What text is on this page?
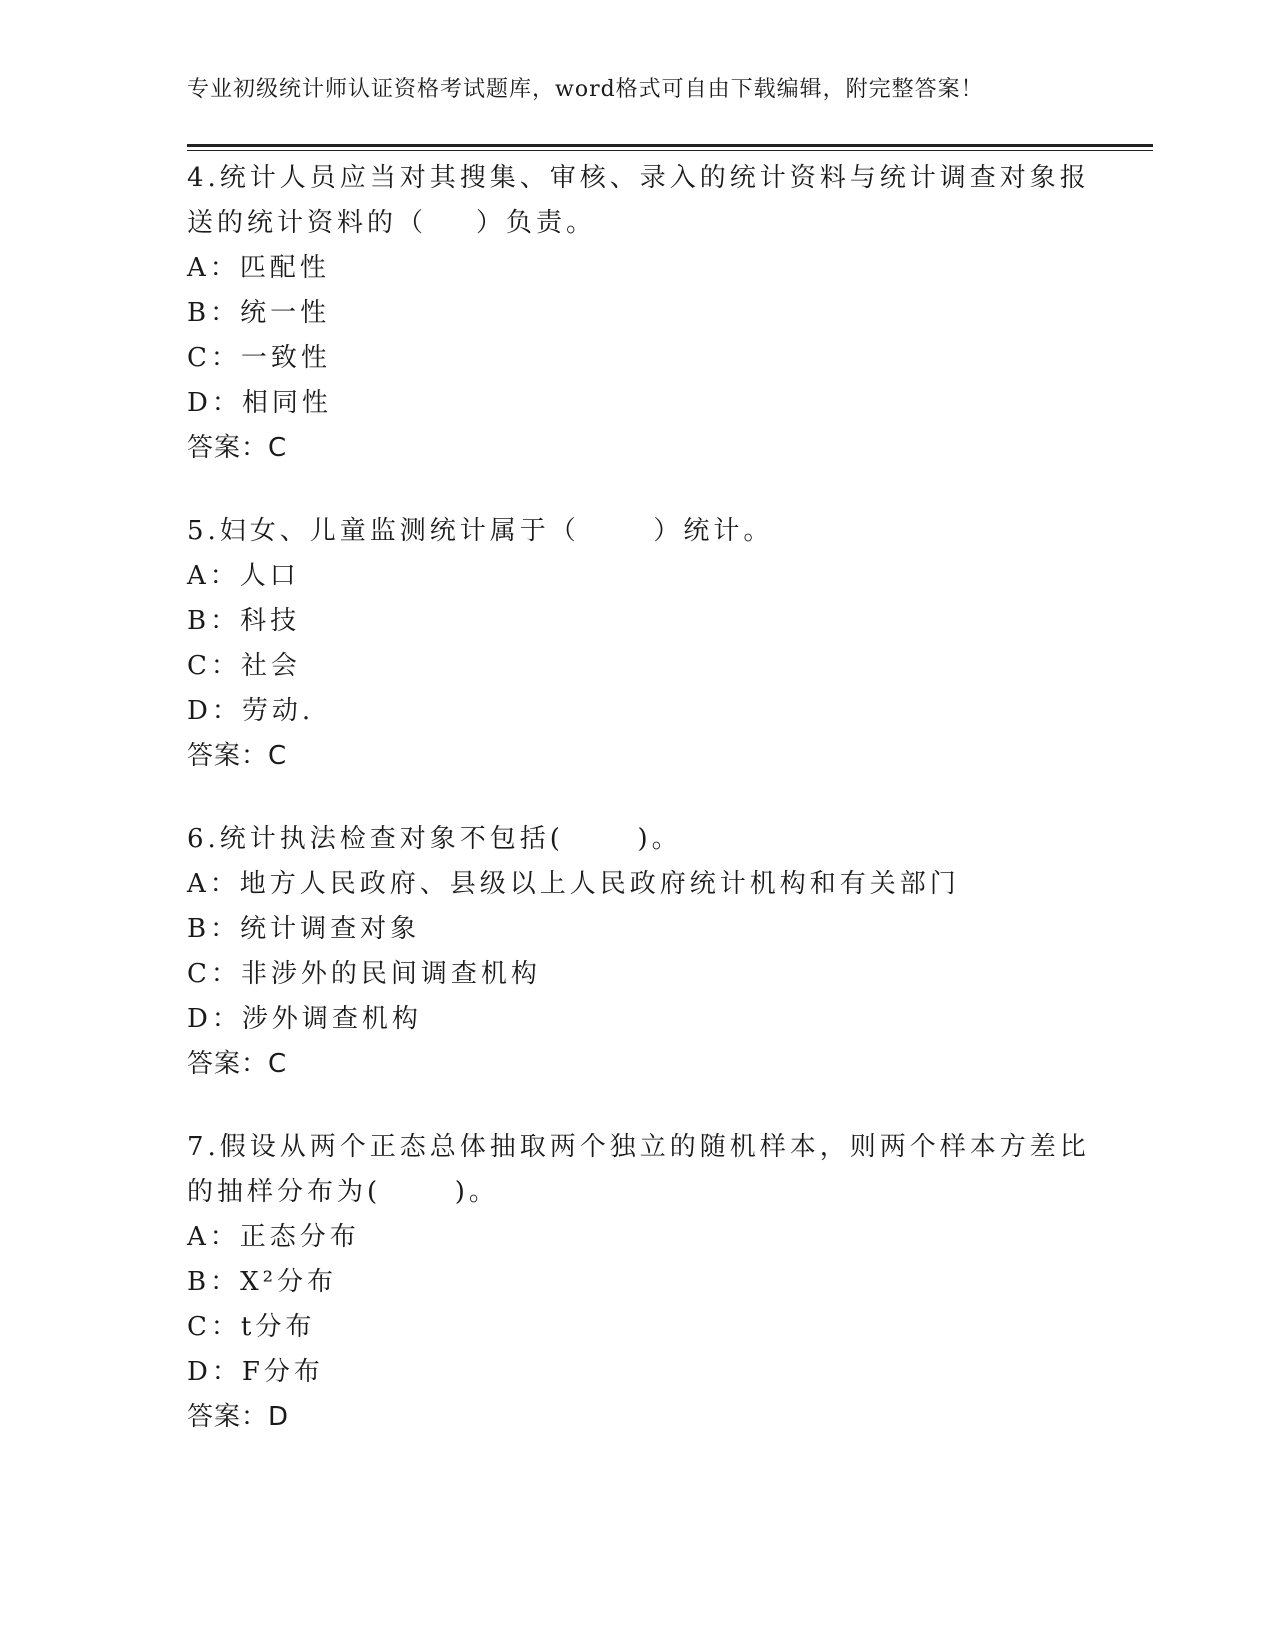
专业初级统计师认证资格考试题库，word格式可自由下载编辑，附完整答案！
4.统计人员应当对其搜集、审核、录入的统计资料与统计调查对象报
送的统计资料的（    ）负责。
A：匹配性
B：统一性
C：一致性
D：相同性
答案：C
5.妇女、儿童监测统计属于（      ）统计。
A：人口
B：科技
C：社会
D：劳动.
答案：C
6.统计执法检查对象不包括(      )。
A：地方人民政府、县级以上人民政府统计机构和有关部门
B：统计调查对象
C：非涉外的民间调查机构
D：涉外调查机构
答案：C
7.假设从两个正态总体抽取两个独立的随机样本，则两个样本方差比
的抽样分布为(      )。
A：正态分布
B：X²分布
C：t分布
D：F分布
答案：D
